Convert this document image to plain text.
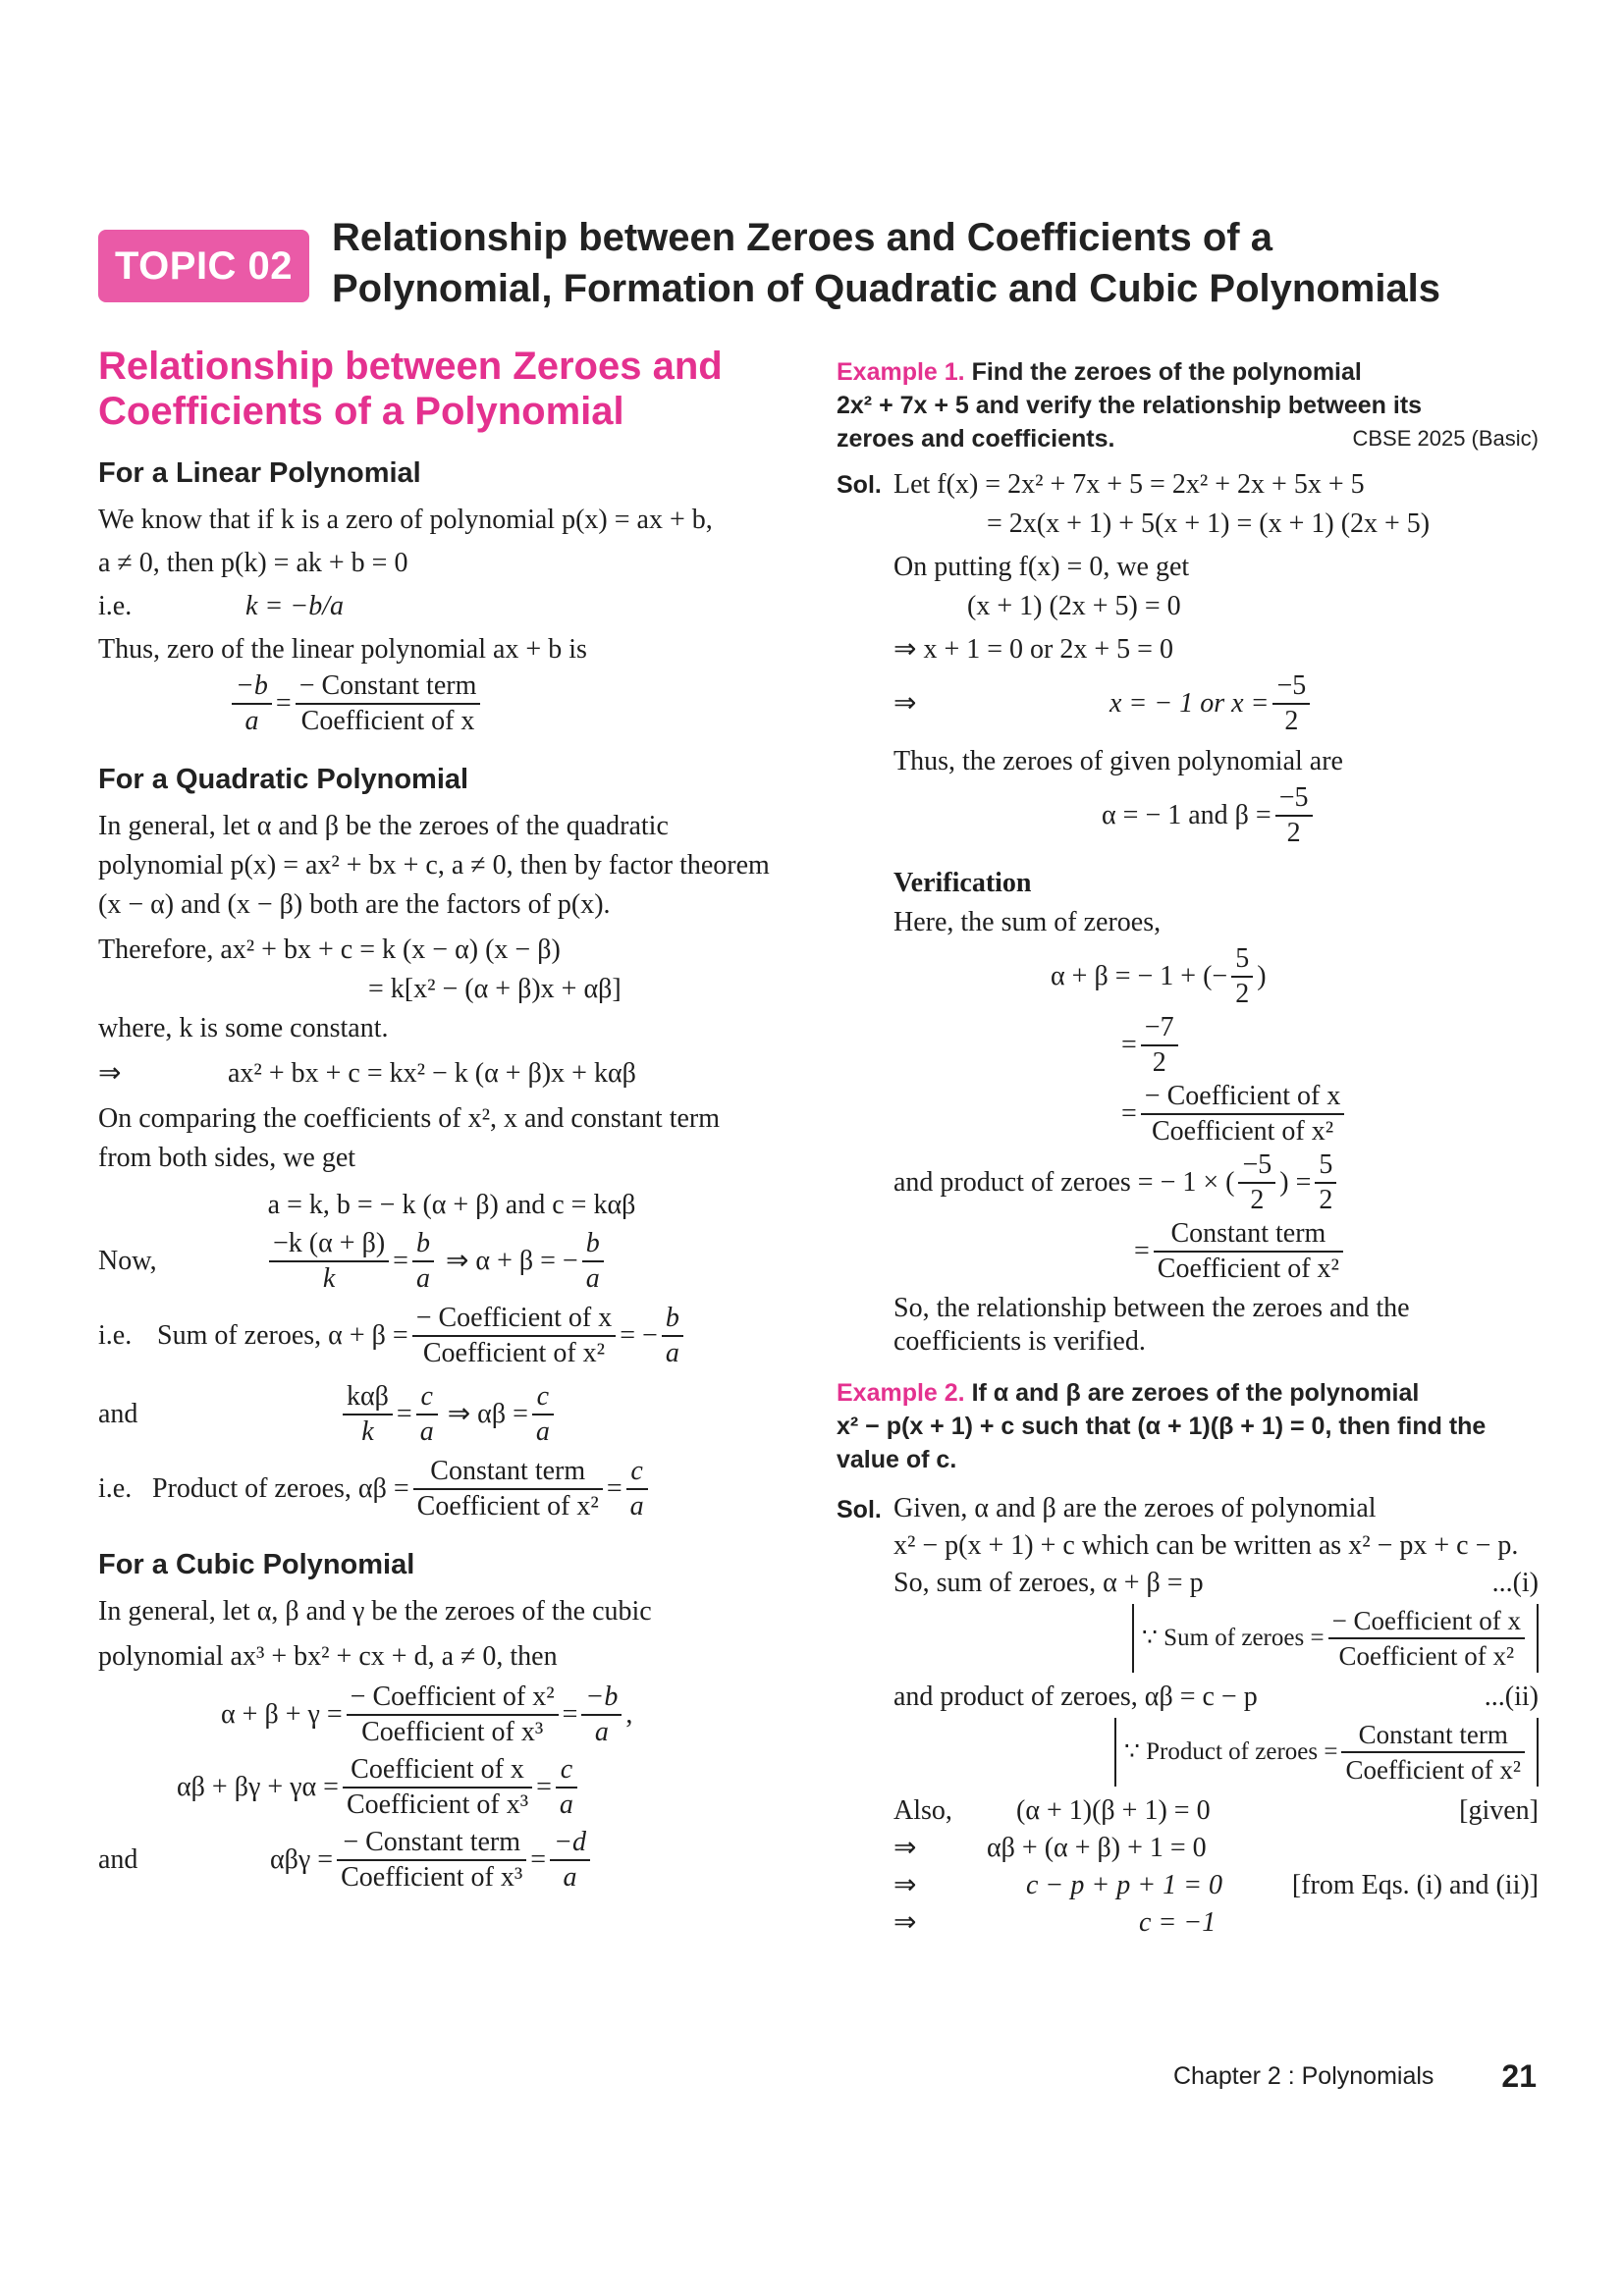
TOPIC 02
Relationship between Zeroes and Coefficients of a
Polynomial, Formation of Quadratic and Cubic Polynomials
Relationship between Zeroes and
Coefficients of a Polynomial
For a Linear Polynomial

We know that if k is a zero of polynomial p(x) = ax + b,

a ≠ 0, then p(k) = ak + b = 0

i.e.	k = −b/a

Thus, zero of the linear polynomial ax + b is

$\frac{-b}{a} = \frac{\text{− Constant term}}{\text{Coefficient of x}}$
For a Quadratic Polynomial

In general, let α and β be the zeroes of the quadratic

polynomial p(x) = ax² + bx + c, a ≠ 0, then by factor theorem

(x − α) and (x − β) both are the factors of p(x).

Therefore, ax² + bx + c = k (x − α) (x − β)

= k[x² − (α + β)x + αβ]

where, k is some constant.

⇒	ax² + bx + c = kx² − k (α + β)x + kαβ

On comparing the coefficients of x², x and constant term

from both sides, we get

a = k, b = − k (α + β) and c = kαβ

Now,	$\frac{-k (\alpha + \beta)}{k} = \frac{b}{a}$ ⇒ α + β = − $\frac{b}{a}$
i.e. Sum of zeroes, $\alpha + \beta = \frac{\text{− Coefficient of x}}{\text{Coefficient of x²}}$ = − $\frac{b}{a}$
and	$\frac{\text{kαβ}}{k} = \frac{c}{a}$ ⇒ $\alpha\beta = \frac{c}{a}$
i.e. Product of zeroes, $\alpha\beta = \frac{\text{Constant term}}{\text{Coefficient of x²}} = \frac{c}{a}$
For a Cubic Polynomial

In general, let α, β and γ be the zeroes of the cubic

polynomial ax³ + bx² + cx + d, a ≠ 0, then

$\alpha + \beta + \gamma = \frac{\text{− Coefficient of x²}}{\text{Coefficient of x³}} = \frac{-b}{a}$ ,
$\alpha\beta + \beta\gamma + \gamma\alpha = \frac{\text{Coefficient of x}}{\text{Coefficient of x³}} = \frac{c}{a}$
and	$\alpha\beta\gamma = \frac{\text{− Constant term}}{\text{Coefficient of x³}} = \frac{-d}{a}$
Example 1. Find the zeroes of the polynomial
2x² + 7x + 5 and verify the relationship between its
zeroes and coefficients.	CBSE 2025 (Basic)
Sol. Let f(x) = 2x² + 7x + 5 = 2x² + 2x + 5x + 5

= 2x(x + 1) + 5(x + 1) = (x + 1) (2x + 5)

On putting f(x) = 0, we get

(x + 1) (2x + 5) = 0

⇒ x + 1 = 0 or 2x + 5 = 0

⇒	x = − 1 or $x = \frac{-5}{2}$

Thus, the zeroes of given polynomial are

α = − 1 and $\beta = \frac{-5}{2}$

Verification

Here, the sum of zeroes,

α + β = − 1 + (− $\frac{5}{2}$ )
= $\frac{-7}{2}$
= $\frac{\text{− Coefficient of x}}{\text{Coefficient of x²}}$
and product of zeroes = − 1 × ( $\frac{-5}{2}$ ) = $\frac{5}{2}$
= $\frac{\text{Constant term}}{\text{Coefficient of x²}}$

So, the relationship between the zeroes and the

coefficients is verified.

Example 2. If α and β are zeroes of the polynomial
x² − p(x + 1) + c such that (α + 1)(β + 1) = 0, then find the
value of c.
Sol. Given, α and β are the zeroes of polynomial

x² − p(x + 1) + c which can be written as x² − px + c − p.

So, sum of zeroes, α + β = p	...(i)

∵ Sum of zeroes = $\frac{\text{− Coefficient of x}}{\text{Coefficient of x²}}$

and product of zeroes, αβ = c − p	...(ii)

∵ Product of zeroes = $\frac{\text{Constant term}}{\text{Coefficient of x²}}$
Also,	(α + 1)(β + 1) = 0	[given]
⇒	αβ + (α + β) + 1 = 0
⇒	c − p + p + 1 = 0	[from Eqs. (i) and (ii)]
⇒	c = −1
Chapter 2 : Polynomials 21
